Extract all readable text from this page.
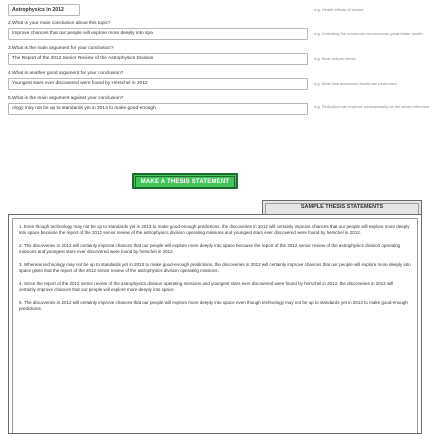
Astrophysics in 2012	e.g. Health effects of smoke
2.What is your main conclusion about this topic?
Improve chances that our people will explore more deeply into spa	e.g. Unlimiting the numerous recommends great better health
3.What is the main argument for your conclusion?
The Report of the 2012 Senior Review of the Astrophysics Division	e.g. Most reduce stress
4.What is another good argument for your conclusion?
Youngest stars ever discovered were found by Herschel in 2012	e.g. Most new advanced results are performed
5.What is the main argument against your conclusion?
ology may not be up to standards yet in 2013 to make good-enough	e.g. Reduction can improve unnecessarily as the same reference
MAKE A THESIS STATEMENT
SAMPLE THESIS STATEMENTS
1. Even though technology may not be up to standards yet in 2013 to make good-enough predictions, the discoveries in 2012 will certainly improve chances that our people will explore more deeply into space because the report of the 2012 senior review of the astrophysics division operating missions and youngest stars ever discovered were found by herschel in 2012.
2. The discoveries in 2012 will certainly improve chances that our people will explore more deeply into space because the report of the 2012 senior review of the astrophysics division operating missions and youngest stars ever discovered were found by herschel in 2012.
3. Whereas technology may not be up to standards yet in 2013 to make good-enough predictions, the discoveries in 2012 will certainly improve chances that our people will explore more deeply into space given that the report of the 2012 senior review of the astrophysics division operating missions.
4. Since the report of the 2012 senior review of the astrophysics division operating missions and youngest stars ever discovered were found by herschel in 2012, the discoveries in 2012 will certainly improve chances that our people will explore more deeply into space.
5. The discoveries in 2012 will certainly improve chances that our people will explore more deeply into space even though technology may not be up to standards yet in 2013 to make good-enough predictions.
